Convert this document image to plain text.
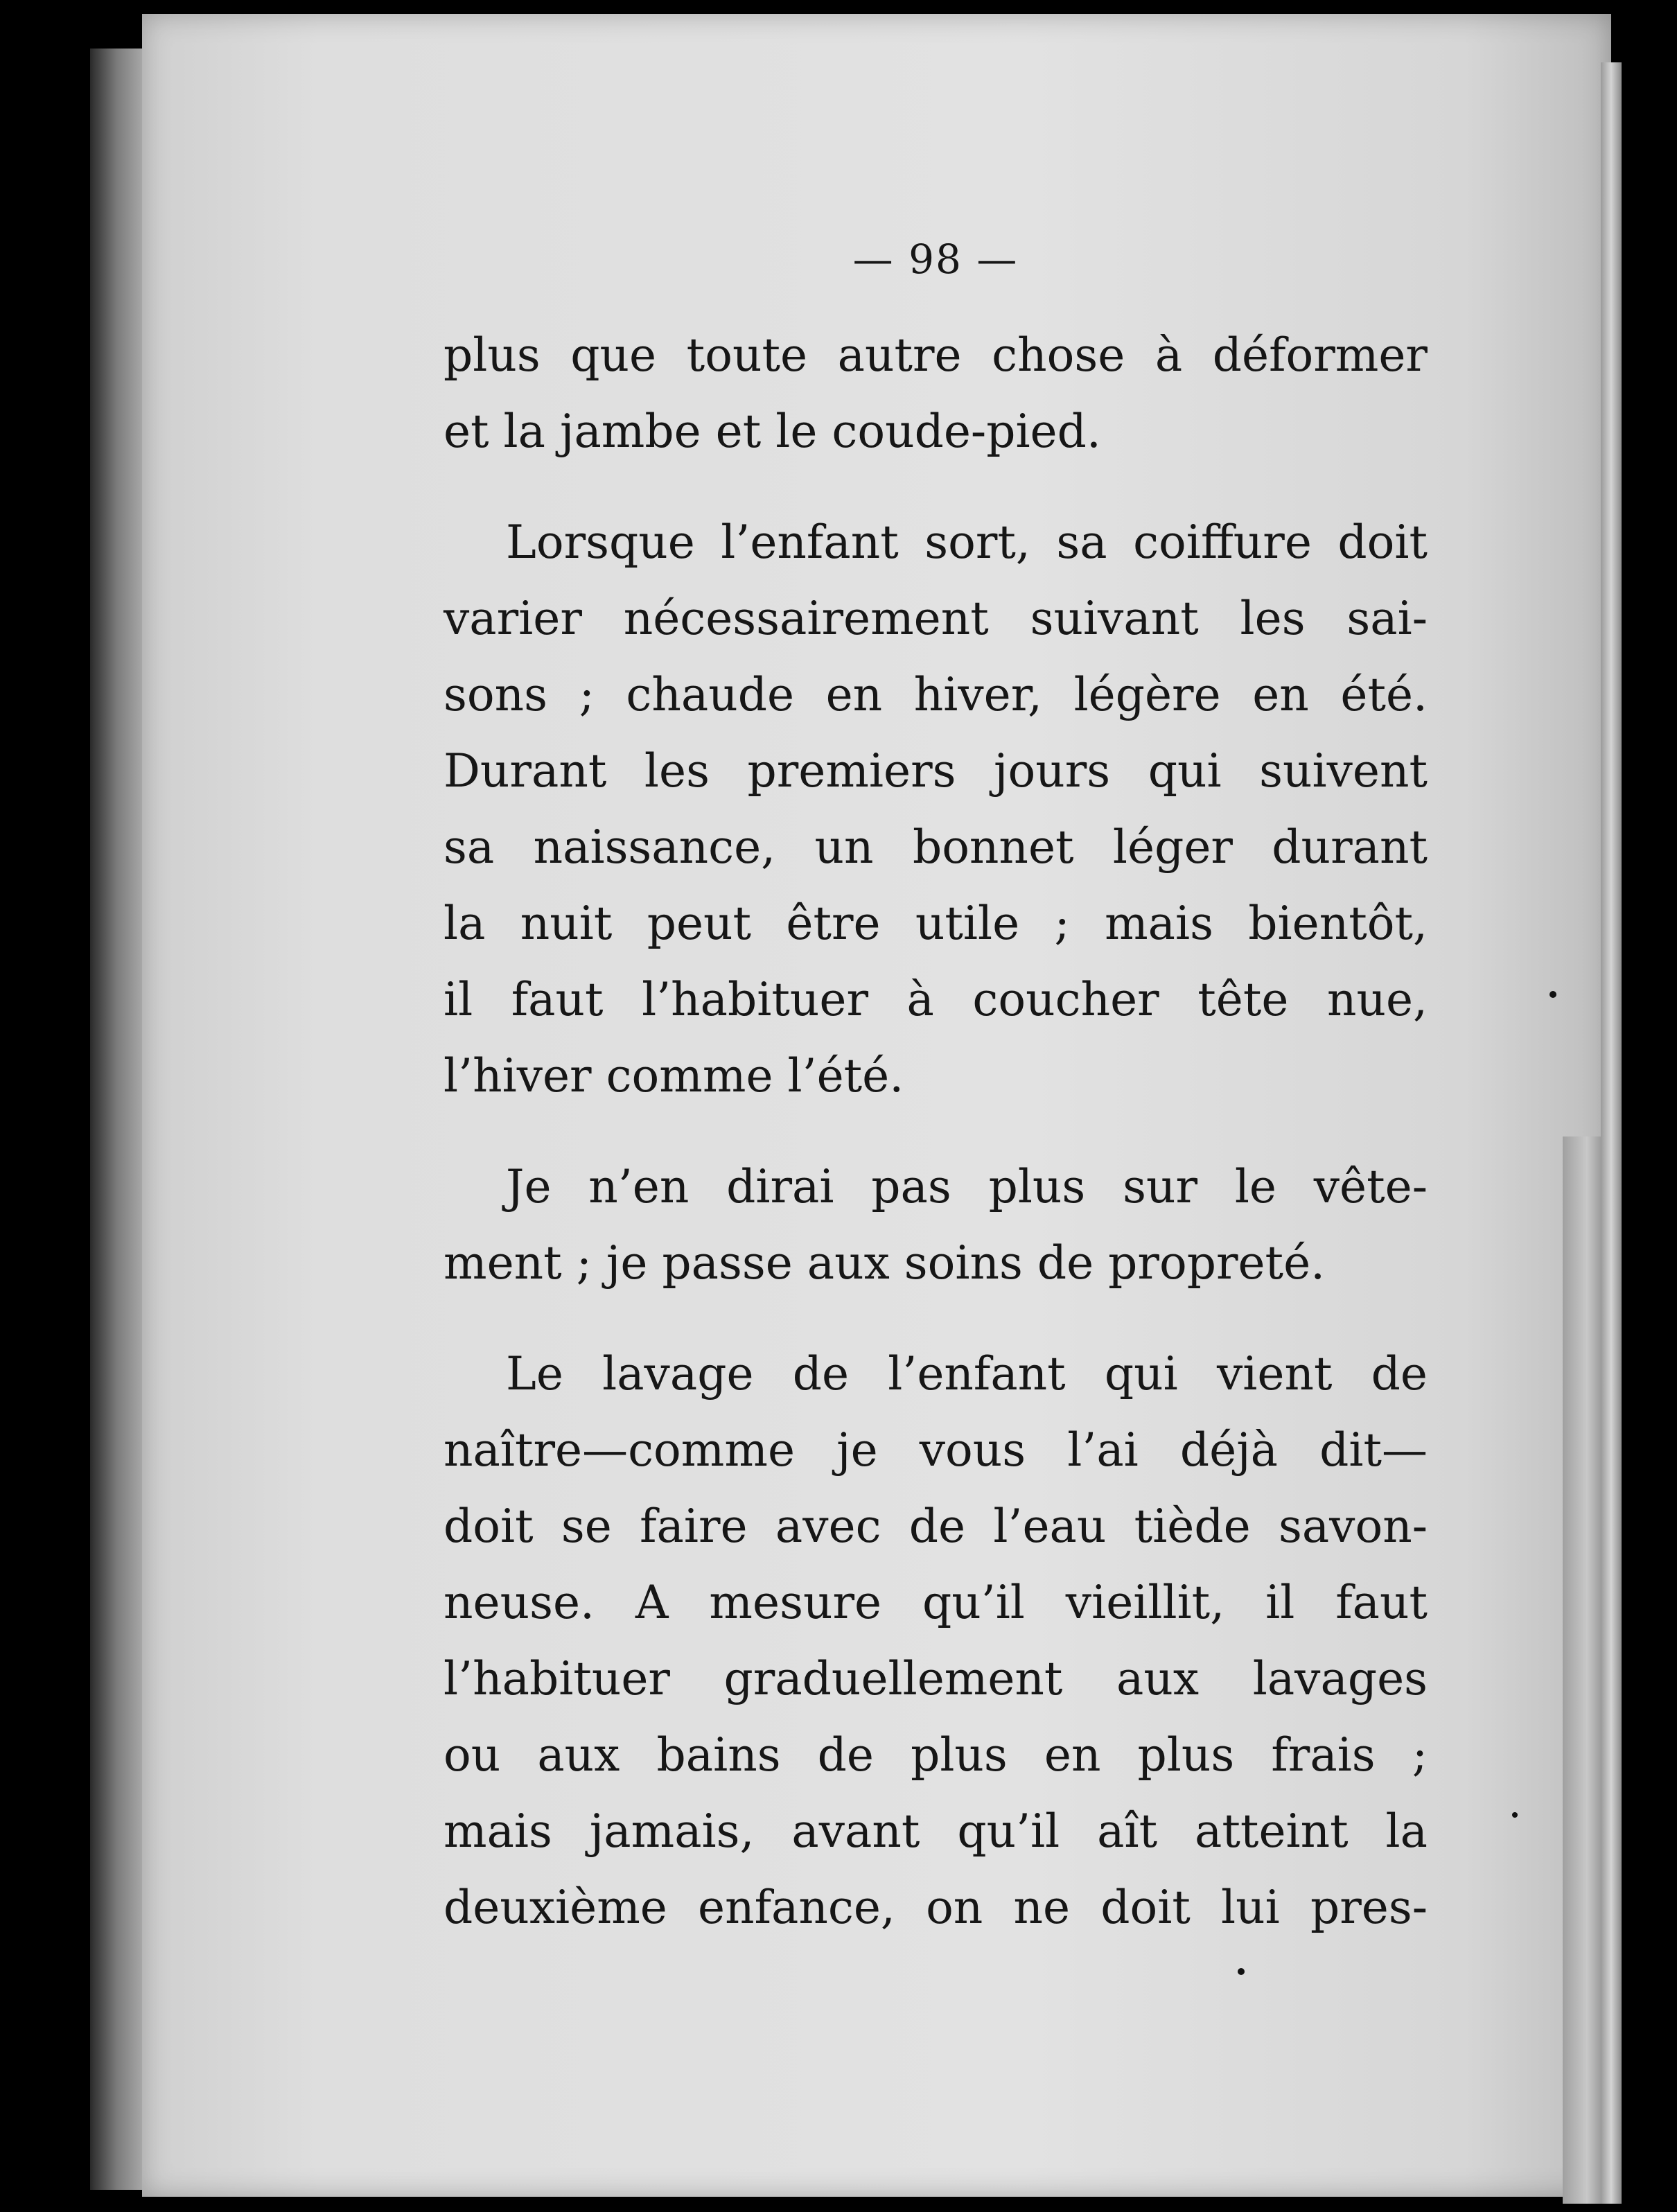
— 98 —
plus que toute autre chose à déformer
et la jambe et le coude-pied.
Lorsque l’enfant sort, sa coiffure doit
varier nécessairement suivant les sai-
sons ; chaude en hiver, légère en été.
Durant les premiers jours qui suivent
sa naissance, un bonnet léger durant
la nuit peut être utile ; mais bientôt,
il faut l’habituer à coucher tête nue,
l’hiver comme l’été.
Je n’en dirai pas plus sur le vête-
ment ; je passe aux soins de propreté.
Le lavage de l’enfant qui vient de
naître—comme je vous l’ai déjà dit—
doit se faire avec de l’eau tiède savon-
neuse. A mesure qu’il vieillit, il faut
l’habituer graduellement aux lavages
ou aux bains de plus en plus frais ;
mais jamais, avant qu’il aît atteint la
deuxième enfance, on ne doit lui pres-
